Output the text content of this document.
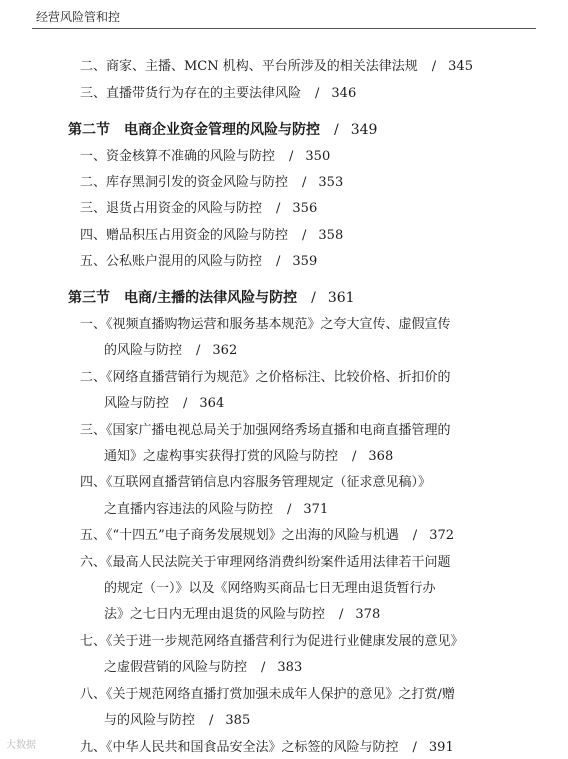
经营风险管和控
二、商家、主播、MCN 机构、平台所涉及的相关法律法规 / 345
三、直播带货行为存在的主要法律风险 / 346
第二节　电商企业资金管理的风险与防控 / 349
一、资金核算不准确的风险与防控 / 350
二、库存黑洞引发的资金风险与防控 / 353
三、退货占用资金的风险与防控 / 356
四、赠品积压占用资金的风险与防控 / 358
五、公私账户混用的风险与防控 / 359
第三节　电商/主播的法律风险与防控 / 361
一、《视频直播购物运营和服务基本规范》之夸大宣传、虚假宣传
的风险与防控 / 362
二、《网络直播营销行为规范》之价格标注、比较价格、折扣价的
风险与防控 / 364
三、《国家广播电视总局关于加强网络秀场直播和电商直播管理的
通知》之虚构事实获得打赏的风险与防控 / 368
四、《互联网直播营销信息内容服务管理规定（征求意见稿）》
之直播内容违法的风险与防控 / 371
五、《“十四五”电子商务发展规划》之出海的风险与机遇 / 372
六、《最高人民法院关于审理网络消费纠纷案件适用法律若干问题
的规定（一）》以及《网络购买商品七日无理由退货暂行办
法》之七日内无理由退货的风险与防控 / 378
七、《关于进一步规范网络直播营利行为促进行业健康发展的意见》
之虚假营销的风险与防控 / 383
八、《关于规范网络直播打赏加强未成年人保护的意见》之打赏/赠
与的风险与防控 / 385
九、《中华人民共和国食品安全法》之标签的风险与防控 / 391
大数据
